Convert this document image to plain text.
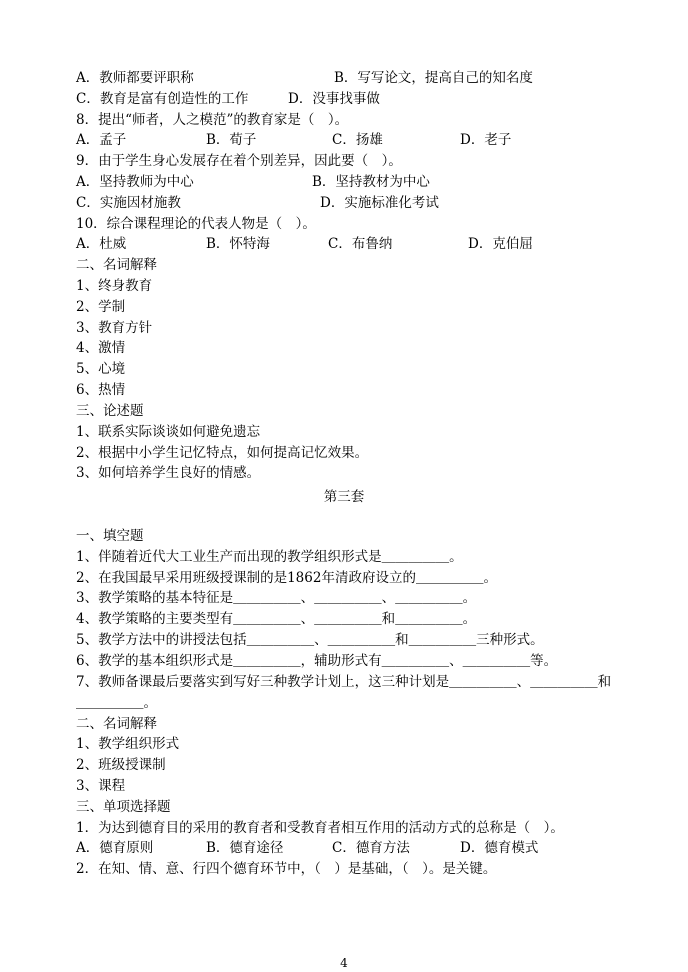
4
A．教师都要评职称	B．写写论文，提高自己的知名度
C．教育是富有创造性的工作	D．没事找事做
8．提出“师者，人之模范”的教育家是（　）。
A．孟子	B．荀子	C．扬雄	D．老子
9．由于学生身心发展存在着个别差异，因此要（　）。
A．坚持教师为中心	B．坚持教材为中心
C．实施因材施教	D．实施标准化考试
10．综合课程理论的代表人物是（　）。
A．杜威	B．怀特海	C．布鲁纳	D．克伯屈
二、名词解释
1、终身教育
2、学制
3、教育方针
4、激情
5、心境
6、热情
三、论述题
1、联系实际谈谈如何避免遗忘
2、根据中小学生记忆特点，如何提高记忆效果。
3、如何培养学生良好的情感。
第三套
一、填空题
1、伴随着近代大工业生产而出现的教学组织形式是＿＿＿＿＿。
2、在我国最早采用班级授课制的是1862年清政府设立的＿＿＿＿＿。
3、教学策略的基本特征是＿＿＿＿＿、＿＿＿＿＿、＿＿＿＿＿。
4、教学策略的主要类型有＿＿＿＿＿、＿＿＿＿＿和＿＿＿＿＿。
5、教学方法中的讲授法包括＿＿＿＿＿、＿＿＿＿＿和＿＿＿＿＿三种形式。
6、教学的基本组织形式是＿＿＿＿＿，辅助形式有＿＿＿＿＿、＿＿＿＿＿等。
7、教师备课最后要落实到写好三种教学计划上，这三种计划是＿＿＿＿＿、＿＿＿＿＿和
＿＿＿＿＿。
二、名词解释
1、教学组织形式
2、班级授课制
3、课程
三、单项选择题
1．为达到德育目的采用的教育者和受教育者相互作用的活动方式的总称是（　）。
A．德育原则	B．德育途径	C．德育方法	D．德育模式
2．在知、情、意、行四个德育环节中，（　）是基础，（　）。是关键。
